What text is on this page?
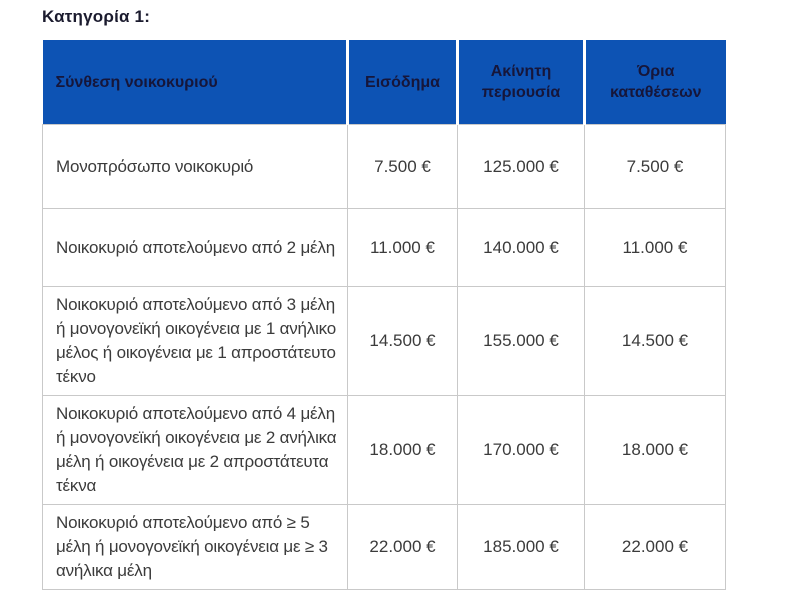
Κατηγορία 1:
Σύνθεση νοικοκυριού	Εισόδημα	Ακίνητη περιουσία	Όρια καταθέσεων
Μονοπρόσωπο νοικοκυριό	7.500 €	125.000 €	7.500 €
Νοικοκυριό αποτελούμενο από 2 μέλη	11.000 €	140.000 €	11.000 €
Νοικοκυριό αποτελούμενο από 3 μέλη ή μονογονεϊκή οικογένεια με 1 ανήλικο μέλος ή οικογένεια με 1 απροστάτευτο τέκνο	14.500 €	155.000 €	14.500 €
Νοικοκυριό αποτελούμενο από 4 μέλη ή μονογονεϊκή οικογένεια με 2 ανήλικα μέλη ή οικογένεια με 2 απροστάτευτα τέκνα	18.000 €	170.000 €	18.000 €
Νοικοκυριό αποτελούμενο από ≥ 5 μέλη ή μονογονεϊκή οικογένεια με ≥ 3 ανήλικα μέλη	22.000 €	185.000 €	22.000 €
